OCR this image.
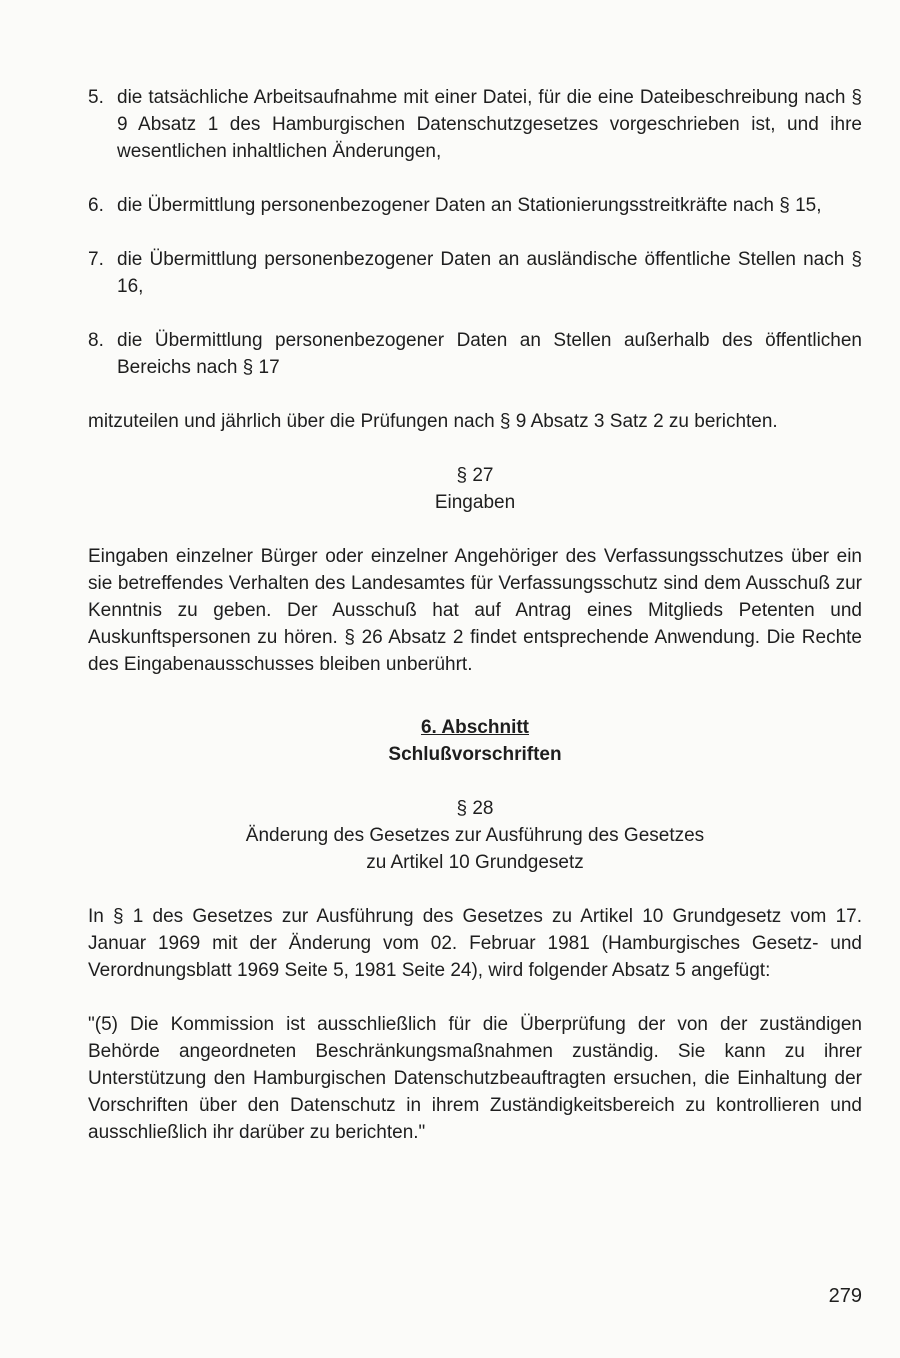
5. die tatsächliche Arbeitsaufnahme mit einer Datei, für die eine Dateibeschreibung nach § 9 Absatz 1 des Hamburgischen Datenschutzgesetzes vorgeschrieben ist, und ihre wesentlichen inhaltlichen Änderungen,
6. die Übermittlung personenbezogener Daten an Stationierungsstreitkräfte nach § 15,
7. die Übermittlung personenbezogener Daten an ausländische öffentliche Stellen nach § 16,
8. die Übermittlung personenbezogener Daten an Stellen außerhalb des öffentlichen Bereichs nach § 17

mitzuteilen und jährlich über die Prüfungen nach § 9 Absatz 3 Satz 2 zu berichten.

§ 27
Eingaben

Eingaben einzelner Bürger oder einzelner Angehöriger des Verfassungsschutzes über ein sie betreffendes Verhalten des Landesamtes für Verfassungsschutz sind dem Ausschuß zur Kenntnis zu geben. Der Ausschuß hat auf Antrag eines Mitglieds Petenten und Auskunftspersonen zu hören. § 26 Absatz 2 findet entsprechende Anwendung. Die Rechte des Eingabenausschusses bleiben unberührt.

6. Abschnitt
Schlußvorschriften
§ 28
Änderung des Gesetzes zur Ausführung des Gesetzes
zu Artikel 10 Grundgesetz

In § 1 des Gesetzes zur Ausführung des Gesetzes zu Artikel 10 Grundgesetz vom 17. Januar 1969 mit der Änderung vom 02. Februar 1981 (Hamburgisches Gesetz- und Verordnungsblatt 1969 Seite 5, 1981 Seite 24), wird folgender Absatz 5 angefügt:

"(5) Die Kommission ist ausschließlich für die Überprüfung der von der zuständigen Behörde angeordneten Beschränkungsmaßnahmen zuständig. Sie kann zu ihrer Unterstützung den Hamburgischen Datenschutzbeauftragten ersuchen, die Einhaltung der Vorschriften über den Datenschutz in ihrem Zuständigkeitsbereich zu kontrollieren und ausschließlich ihr darüber zu berichten."

279
